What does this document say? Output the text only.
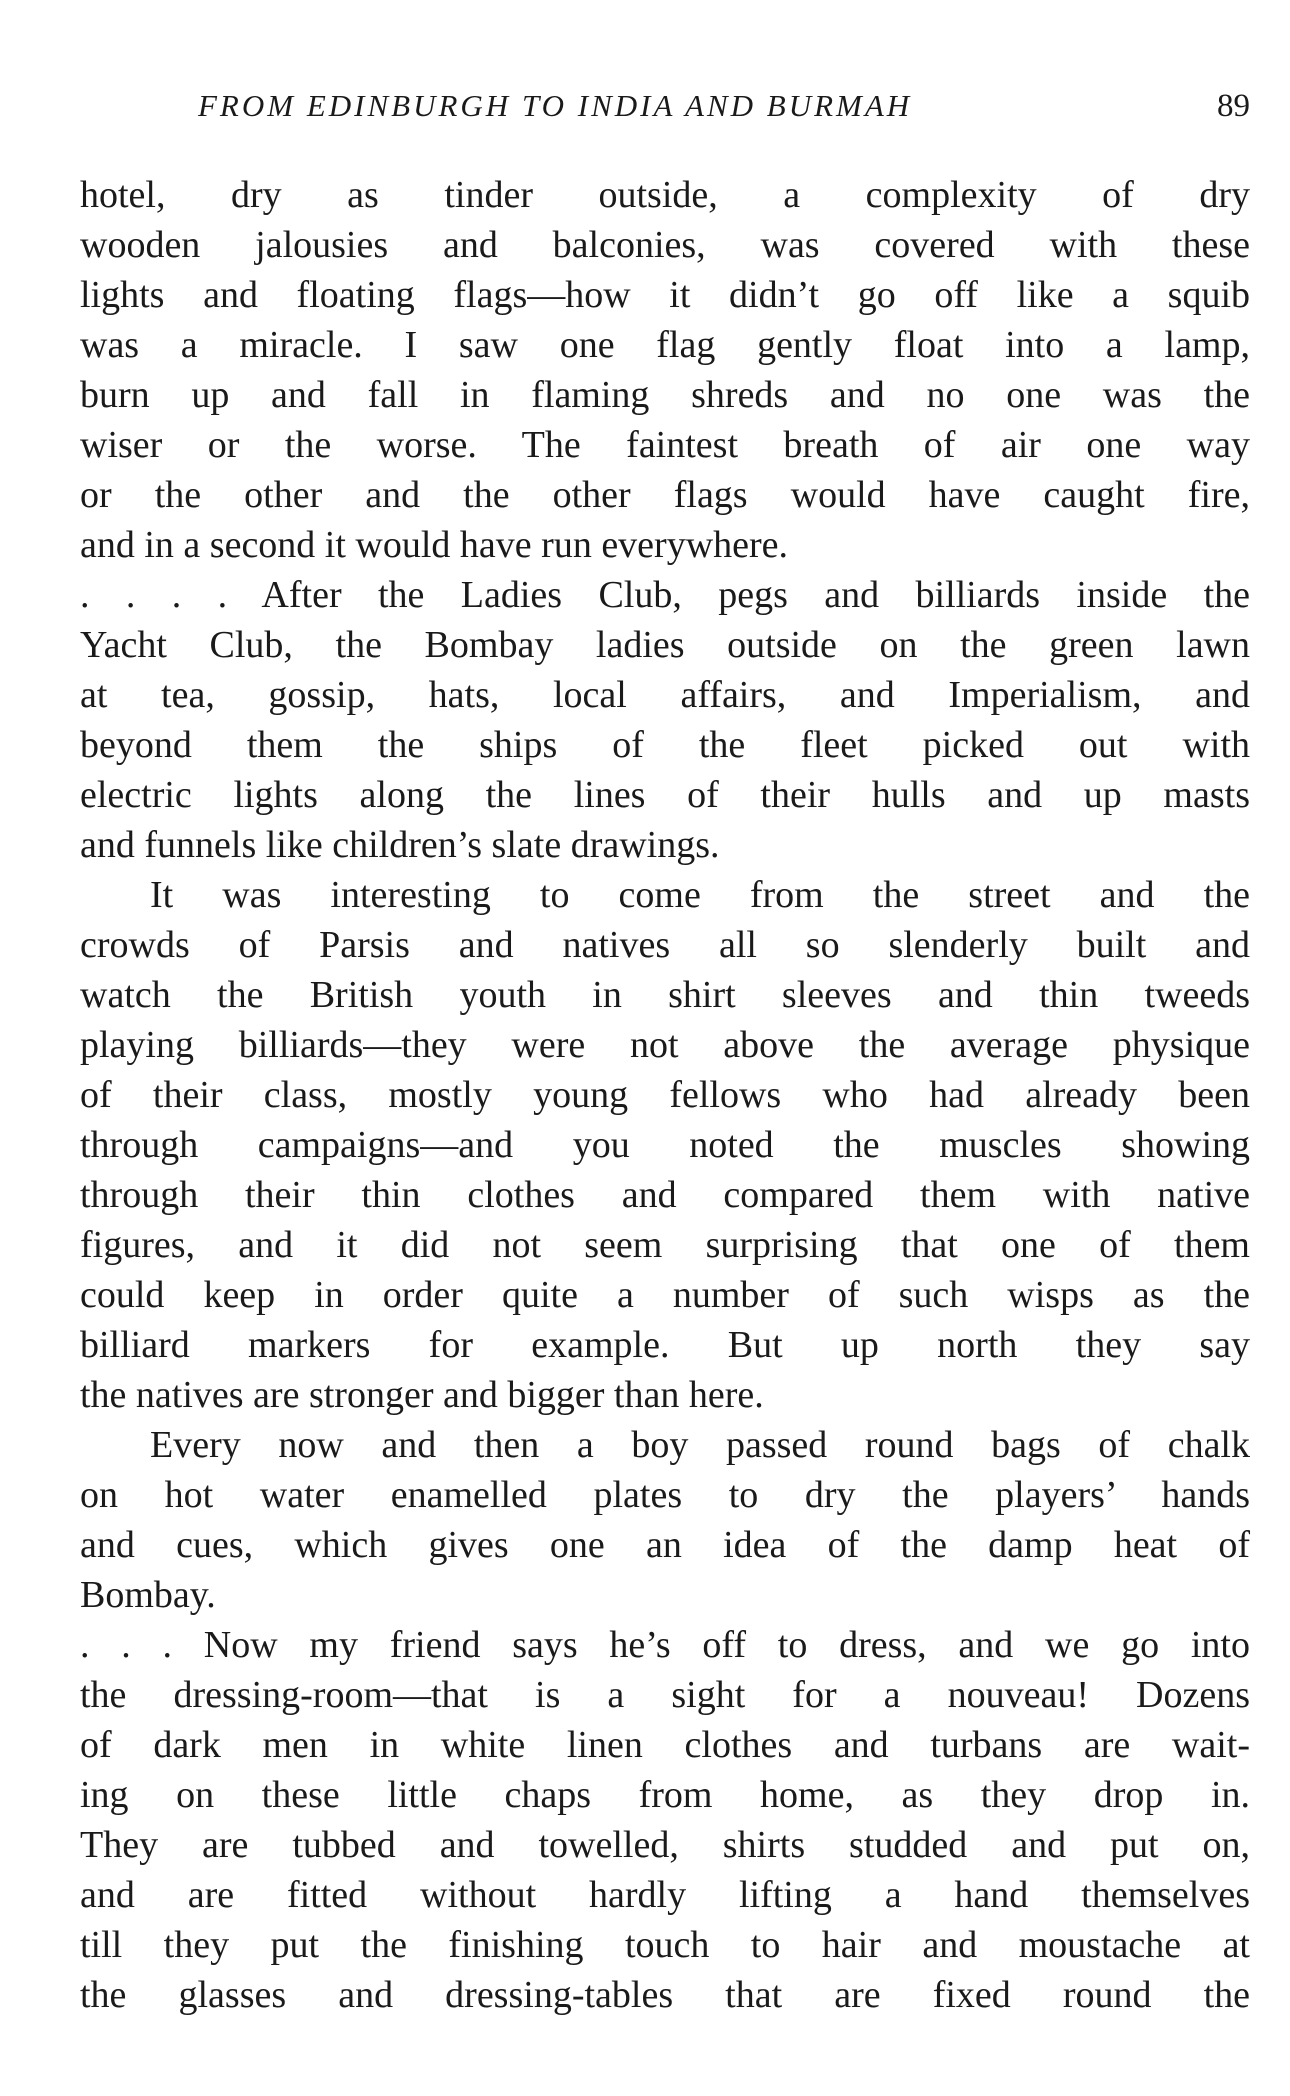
FROM EDINBURGH TO INDIA AND BURMAH	89
hotel, dry as tinder outside, a complexity of dry
wooden jalousies and balconies, was covered with these
lights and floating flags—how it didn’t go off like a squib
was a miracle. I saw one flag gently float into a lamp,
burn up and fall in flaming shreds and no one was the
wiser or the worse. The faintest breath of air one way
or the other and the other flags would have caught fire,
and in a second it would have run everywhere.
. . . . After the Ladies Club, pegs and billiards inside the
Yacht Club, the Bombay ladies outside on the green lawn
at tea, gossip, hats, local affairs, and Imperialism, and
beyond them the ships of the fleet picked out with
electric lights along the lines of their hulls and up masts
and funnels like children’s slate drawings.
It was interesting to come from the street and the
crowds of Parsis and natives all so slenderly built and
watch the British youth in shirt sleeves and thin tweeds
playing billiards—they were not above the average physique
of their class, mostly young fellows who had already been
through campaigns—and you noted the muscles showing
through their thin clothes and compared them with native
figures, and it did not seem surprising that one of them
could keep in order quite a number of such wisps as the
billiard markers for example. But up north they say
the natives are stronger and bigger than here.
Every now and then a boy passed round bags of chalk
on hot water enamelled plates to dry the players’ hands
and cues, which gives one an idea of the damp heat of
Bombay.
. . . Now my friend says he’s off to dress, and we go into
the dressing-room—that is a sight for a nouveau! Dozens
of dark men in white linen clothes and turbans are wait-
ing on these little chaps from home, as they drop in.
They are tubbed and towelled, shirts studded and put on,
and are fitted without hardly lifting a hand themselves
till they put the finishing touch to hair and moustache at
the glasses and dressing-tables that are fixed round the
